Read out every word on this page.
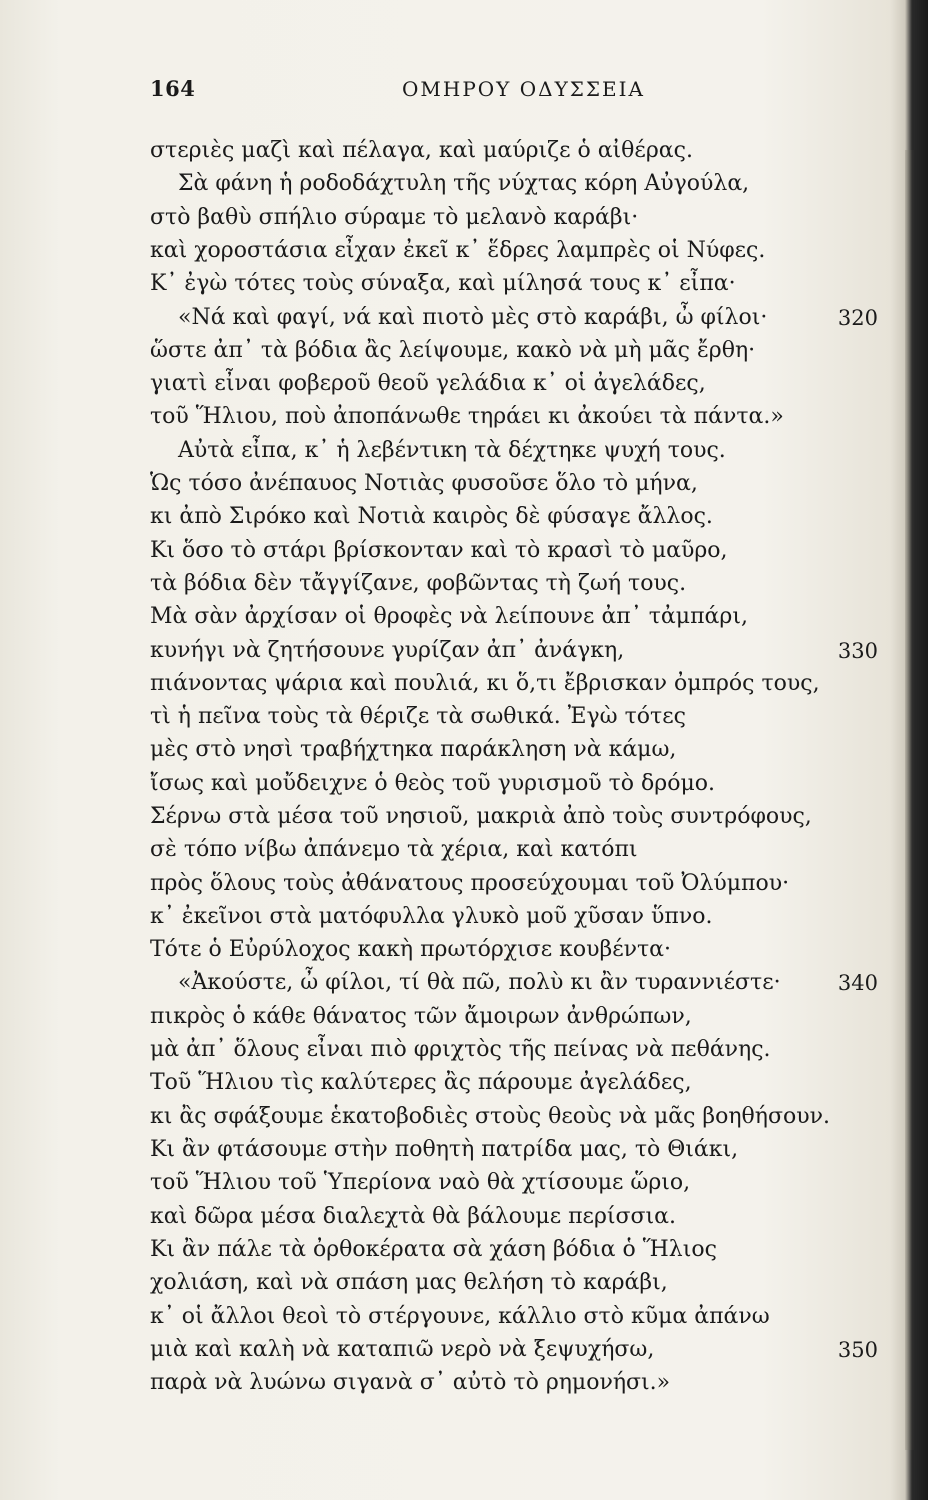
164	ΟΜΗΡΟΥ ΟΔΥΣΣΕΙΑ
στεριὲς μαζὶ καὶ πέλαγα, καὶ μαύριζε ὁ αἰθέρας.
Σὰ φάνη ἡ ροδοδάχτυλη τῆς νύχτας κόρη Αὐγούλα,
στὸ βαθὺ σπήλιο σύραμε τὸ μελανὸ καράβι·
καὶ χοροστάσια εἶχαν ἐκεῖ κ᾿ ἕδρες λαμπρὲς οἱ Νύφες.
Κ᾿ ἐγὼ τότες τοὺς σύναξα, καὶ μίλησά τους κ᾿ εἶπα·
«Νά καὶ φαγί, νά καὶ πιοτὸ μὲς στὸ καράβι, ὦ φίλοι·	320
ὥστε ἀπ᾿ τὰ βόδια ἂς λείψουμε, κακὸ νὰ μὴ μᾶς ἔρθη·
γιατὶ εἶναι φοβεροῦ θεοῦ γελάδια κ᾿ οἱ ἀγελάδες,
τοῦ Ἥλιου, ποὺ ἀποπάνωθε τηράει κι ἀκούει τὰ πάντα.»
Αὐτὰ εἶπα, κ᾿ ἡ λεβέντικη τὰ δέχτηκε ψυχή τους.
Ὡς τόσο ἀνέπαυος Νοτιὰς φυσοῦσε ὅλο τὸ μήνα,
κι ἀπὸ Σιρόκο καὶ Νοτιὰ καιρὸς δὲ φύσαγε ἄλλος.
Κι ὅσο τὸ στάρι βρίσκονταν καὶ τὸ κρασὶ τὸ μαῦρο,
τὰ βόδια δὲν τἄγγίζανε, φοβῶντας τὴ ζωή τους.
Μὰ σὰν ἀρχίσαν οἱ θροφὲς νὰ λείπουνε ἀπ᾿ τἀμπάρι,
κυνήγι νὰ ζητήσουνε γυρίζαν ἀπ᾿ ἀνάγκη,	330
πιάνοντας ψάρια καὶ πουλιά, κι ὅ,τι ἔβρισκαν ὀμπρός τους,
τὶ ἡ πεῖνα τοὺς τὰ θέριζε τὰ σωθικά. Ἐγὼ τότες
μὲς στὸ νησὶ τραβήχτηκα παράκληση νὰ κάμω,
ἴσως καὶ μοὔδειχνε ὁ θεὸς τοῦ γυρισμοῦ τὸ δρόμο.
Σέρνω στὰ μέσα τοῦ νησιοῦ, μακριὰ ἀπὸ τοὺς συντρόφους,
σὲ τόπο νίβω ἀπάνεμο τὰ χέρια, καὶ κατόπι
πρὸς ὅλους τοὺς ἀθάνατους προσεύχουμαι τοῦ Ὀλύμπου·
κ᾿ ἐκεῖνοι στὰ ματόφυλλα γλυκὸ μοῦ χῦσαν ὕπνο.
Τότε ὁ Εὐρύλοχος κακὴ πρωτόρχισε κουβέντα·
«Ἀκούστε, ὦ φίλοι, τί θὰ πῶ, πολὺ κι ἂν τυραννιέστε·	340
πικρὸς ὁ κάθε θάνατος τῶν ἄμοιρων ἀνθρώπων,
μὰ ἀπ᾿ ὅλους εἶναι πιὸ φριχτὸς τῆς πείνας νὰ πεθάνης.
Τοῦ Ἥλιου τὶς καλύτερες ἂς πάρουμε ἀγελάδες,
κι ἂς σφάξουμε ἑκατοβοδιὲς στοὺς θεοὺς νὰ μᾶς βοηθήσουν.
Κι ἂν φτάσουμε στὴν ποθητὴ πατρίδα μας, τὸ Θιάκι,
τοῦ Ἥλιου τοῦ Ὑπερίονα ναὸ θὰ χτίσουμε ὥριο,
καὶ δῶρα μέσα διαλεχτὰ θὰ βάλουμε περίσσια.
Κι ἂν πάλε τὰ ὀρθοκέρατα σὰ χάση βόδια ὁ Ἥλιος
χολιάση, καὶ νὰ σπάση μας θελήση τὸ καράβι,
κ᾿ οἱ ἄλλοι θεοὶ τὸ στέργουνε, κάλλιο στὸ κῦμα ἀπάνω
μιὰ καὶ καλὴ νὰ καταπιῶ νερὸ νὰ ξεψυχήσω,	350
παρὰ νὰ λυώνω σιγανὰ σ᾿ αὐτὸ τὸ ρημονήσι.»
